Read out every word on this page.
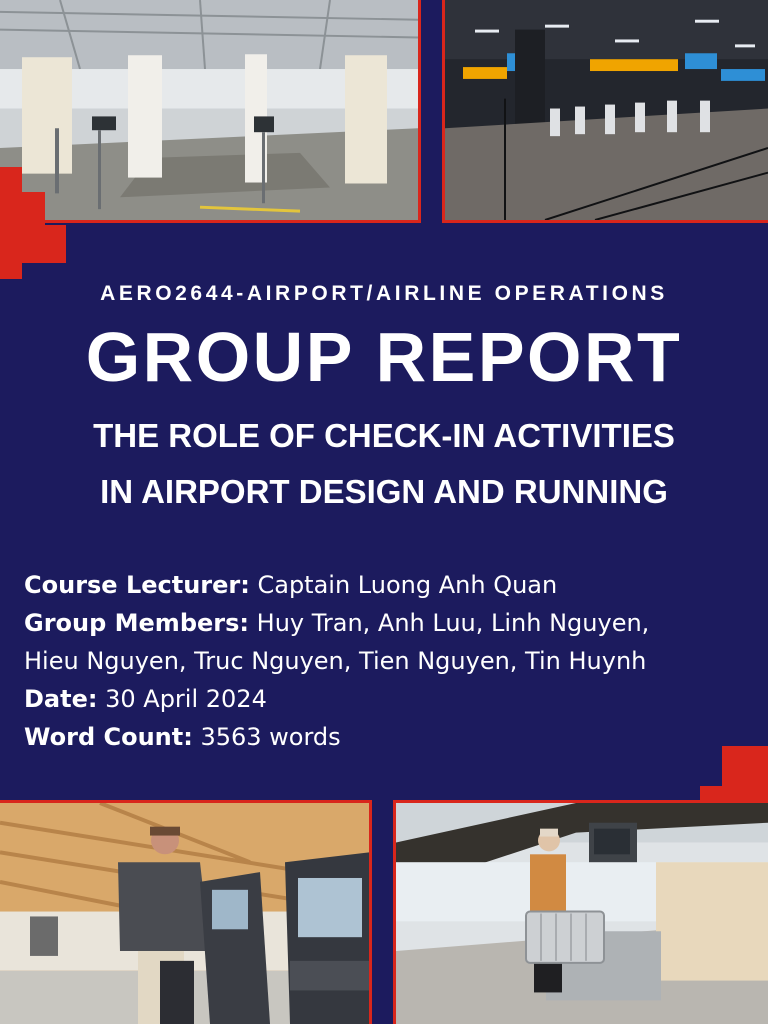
AERO2644-AIRPORT/AIRLINE OPERATIONS
GROUP REPORT
THE ROLE OF CHECK-IN ACTIVITIES
IN AIRPORT DESIGN AND RUNNING
Course Lecturer: Captain Luong Anh Quan
Group Members: Huy Tran, Anh Luu, Linh Nguyen,
Hieu Nguyen, Truc Nguyen, Tien Nguyen, Tin Huynh
Date: 30 April 2024
Word Count: 3563 words
